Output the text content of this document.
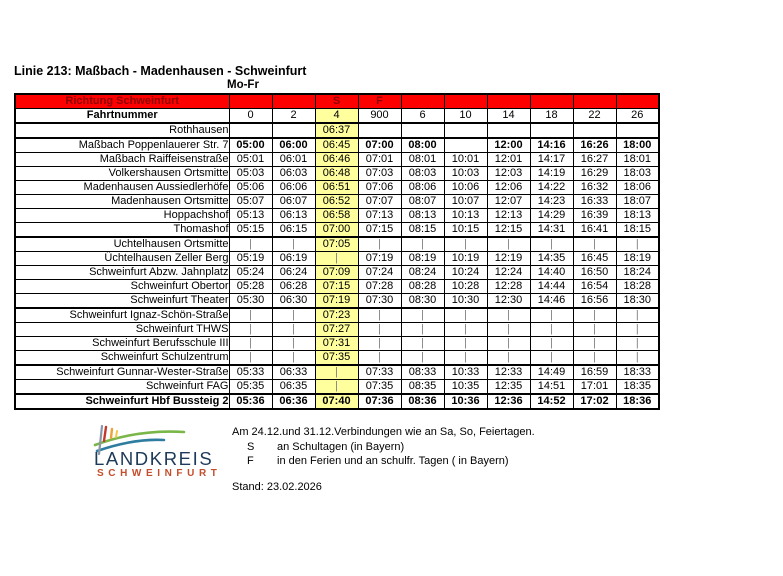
Linie 213: Maßbach - Madenhausen - Schweinfurt
Mo-Fr
Richtung Schweinfurt			S	F						
Fahrtnummer	0	2	4	900	6	10	14	18	22	26
Rothhausen			06:37							
Maßbach Poppenlauerer Str. 7	05:00	06:00	06:45	07:00	08:00		12:00	14:16	16:26	18:00
Maßbach Raiffeisenstraße	05:01	06:01	06:46	07:01	08:01	10:01	12:01	14:17	16:27	18:01
Volkershausen Ortsmitte	05:03	06:03	06:48	07:03	08:03	10:03	12:03	14:19	16:29	18:03
Madenhausen Aussiedlerhöfe	05:06	06:06	06:51	07:06	08:06	10:06	12:06	14:22	16:32	18:06
Madenhausen Ortsmitte	05:07	06:07	06:52	07:07	08:07	10:07	12:07	14:23	16:33	18:07
Hoppachshof	05:13	06:13	06:58	07:13	08:13	10:13	12:13	14:29	16:39	18:13
Thomashof	05:15	06:15	07:00	07:15	08:15	10:15	12:15	14:31	16:41	18:15
Uchtelhausen Ortsmitte	|	|	07:05	|	|	|	|	|	|	|
Üchtelhausen Zeller Berg	05:19	06:19	|	07:19	08:19	10:19	12:19	14:35	16:45	18:19
Schweinfurt Abzw. Jahnplatz	05:24	06:24	07:09	07:24	08:24	10:24	12:24	14:40	16:50	18:24
Schweinfurt Obertor	05:28	06:28	07:15	07:28	08:28	10:28	12:28	14:44	16:54	18:28
Schweinfurt Theater	05:30	06:30	07:19	07:30	08:30	10:30	12:30	14:46	16:56	18:30
Schweinfurt Ignaz-Schön-Straße	|	|	07:23	|	|	|	|	|	|	|
Schweinfurt THWS	|	|	07:27	|	|	|	|	|	|	|
Schweinfurt Berufsschule III	|	|	07:31	|	|	|	|	|	|	|
Schweinfurt Schulzentrum	|	|	07:35	|	|	|	|	|	|	|
Schweinfurt Gunnar-Wester-Straße	05:33	06:33	|	07:33	08:33	10:33	12:33	14:49	16:59	18:33
Schweinfurt FAG	05:35	06:35	|	07:35	08:35	10:35	12:35	14:51	17:01	18:35
Schweinfurt Hbf Bussteig 2	05:36	06:36	07:40	07:36	08:36	10:36	12:36	14:52	17:02	18:36
LANDKREIS
SCHWEINFURT
Am 24.12.und 31.12.Verbindungen wie an Sa, So, Feiertagen.
S an Schultagen (in Bayern)
F in den Ferien und an schulfr. Tagen ( in Bayern)
Stand: 23.02.2026
